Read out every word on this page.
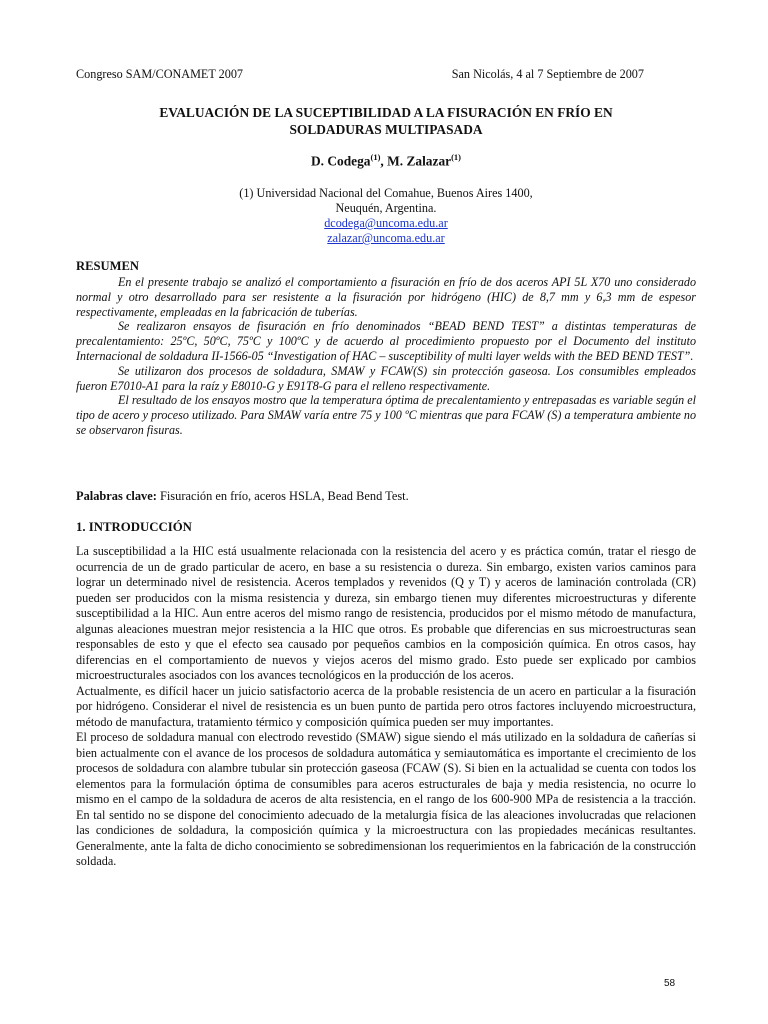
Congreso SAM/CONAMET 2007	San Nicolás, 4 al 7 Septiembre de 2007
EVALUACIÓN DE LA SUCEPTIBILIDAD A LA FISURACIÓN EN FRÍO EN
SOLDADURAS MULTIPASADA
D. Codega$^{(1)}$, M. Zalazar$^{(1)}$
(1) Universidad Nacional del Comahue, Buenos Aires 1400,
Neuquén, Argentina.
dcodega@uncoma.edu.ar
zalazar@uncoma.edu.ar
RESUMEN

En el presente trabajo se analizó el comportamiento a fisuración en frío de dos aceros API 5L X70 uno considerado normal y otro desarrollado para ser resistente a la fisuración por hidrógeno (HIC) de 8,7 mm y 6,3 mm de espesor respectivamente, empleadas en la fabricación de tuberías.

Se realizaron ensayos de fisuración en frío denominados “BEAD BEND TEST” a distintas temperaturas de precalentamiento: 25ºC, 50ºC, 75ºC y 100ºC y de acuerdo al procedimiento propuesto por el Documento del instituto Internacional de soldadura II-1566-05 “Investigation of HAC – susceptibility of multi layer welds with the BED BEND TEST”.

Se utilizaron dos procesos de soldadura, SMAW y FCAW(S) sin protección gaseosa. Los consumibles empleados fueron E7010-A1 para la raíz y E8010-G y E91T8-G para el relleno respectivamente.

El resultado de los ensayos mostro que la temperatura óptima de precalentamiento y entrepasadas es variable según el tipo de acero y proceso utilizado. Para SMAW varía entre 75 y 100 ºC mientras que para FCAW (S) a temperatura ambiente no se observaron fisuras.

Palabras clave: Fisuración en frío, aceros HSLA, Bead Bend Test.
1. INTRODUCCIÓN

La susceptibilidad a la HIC está usualmente relacionada con la resistencia del acero y es práctica común, tratar el riesgo de ocurrencia de un de grado particular de acero, en base a su resistencia o dureza. Sin embargo, existen varios caminos para lograr un determinado nivel de resistencia. Aceros templados y revenidos (Q y T) y aceros de laminación controlada (CR) pueden ser producidos con la misma resistencia y dureza, sin embargo tienen muy diferentes microestructuras y diferente susceptibilidad a la HIC. Aun entre aceros del mismo rango de resistencia, producidos por el mismo método de manufactura, algunas aleaciones muestran mejor resistencia a la HIC que otros. Es probable que diferencias en sus microestructuras sean responsables de esto y que el efecto sea causado por pequeños cambios en la composición química. En otros casos, hay diferencias en el comportamiento de nuevos y viejos aceros del mismo grado. Esto puede ser explicado por cambios microestructurales asociados con los avances tecnológicos en la producción de los aceros.

Actualmente, es difícil hacer un juicio satisfactorio acerca de la probable resistencia de un acero en particular a la fisuración por hidrógeno. Considerar el nivel de resistencia es un buen punto de partida pero otros factores incluyendo microestructura, método de manufactura, tratamiento térmico y composición química pueden ser muy importantes.

El proceso de soldadura manual con electrodo revestido (SMAW) sigue siendo el más utilizado en la soldadura de cañerías si bien actualmente con el avance de los procesos de soldadura automática y semiautomática es importante el crecimiento de los procesos de soldadura con alambre tubular sin protección gaseosa (FCAW (S). Si bien en la actualidad se cuenta con todos los elementos para la formulación óptima de consumibles para aceros estructurales de baja y media resistencia, no ocurre lo mismo en el campo de la soldadura de aceros de alta resistencia, en el rango de los 600-900 MPa de resistencia a la tracción. En tal sentido no se dispone del conocimiento adecuado de la metalurgia física de las aleaciones involucradas que relacionen las condiciones de soldadura, la composición química y la microestructura con las propiedades mecánicas resultantes. Generalmente, ante la falta de dicho conocimiento se sobredimensionan los requerimientos en la fabricación de la construcción soldada.

58
